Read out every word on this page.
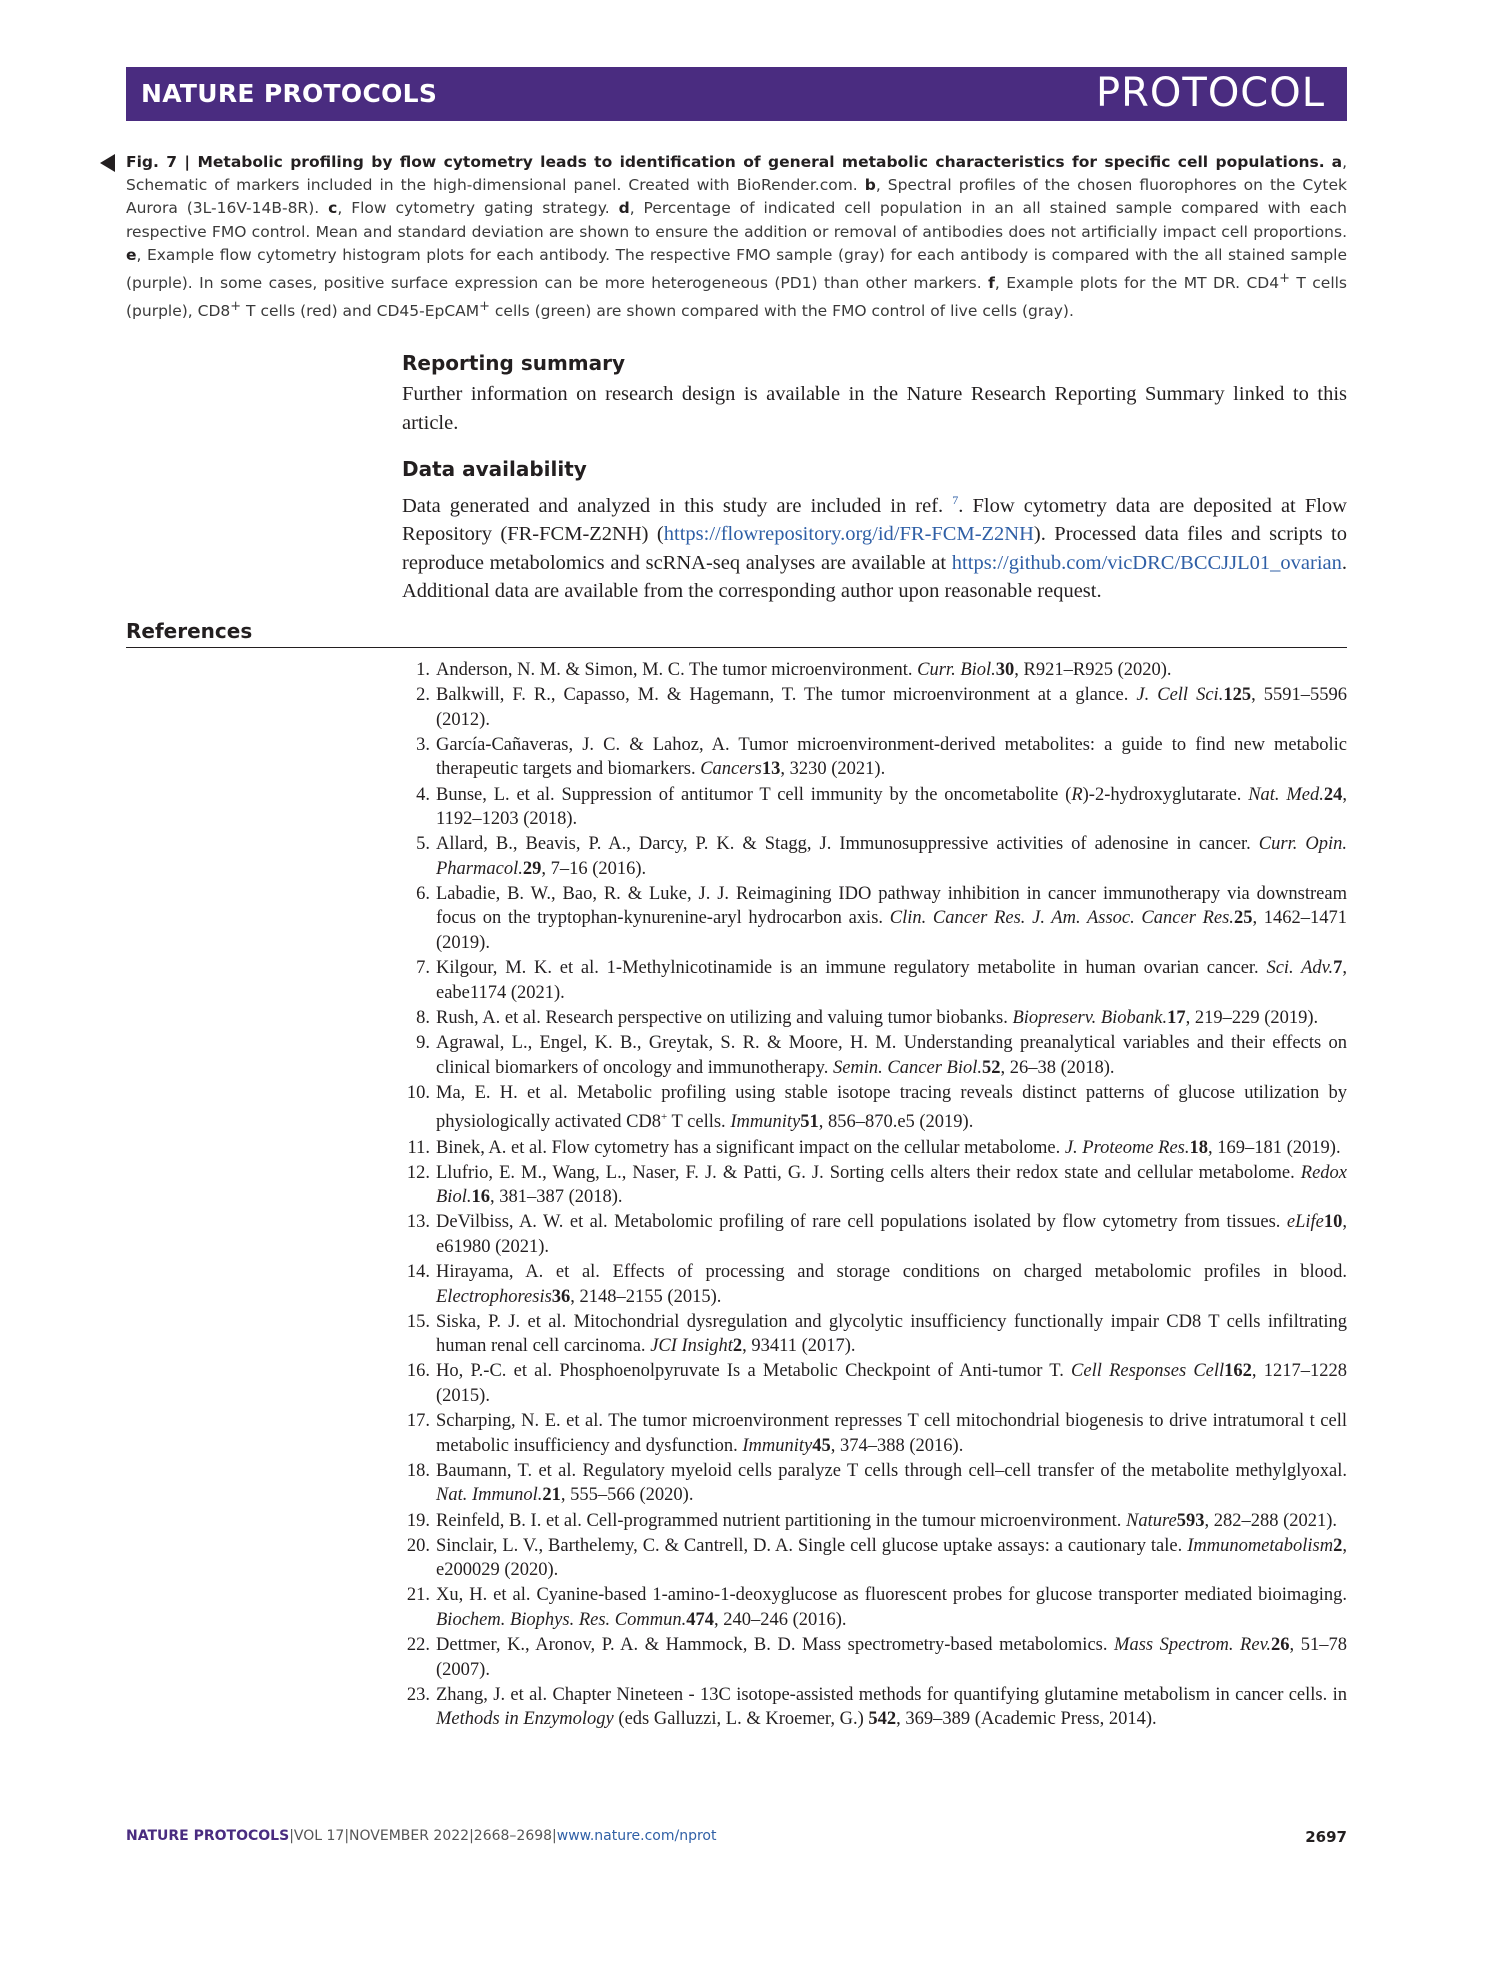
NATURE PROTOCOLS	PROTOCOL
Fig. 7 | Metabolic profiling by flow cytometry leads to identification of general metabolic characteristics for specific cell populations. a, Schematic of markers included in the high-dimensional panel. Created with BioRender.com. b, Spectral profiles of the chosen fluorophores on the Cytek Aurora (3L-16V-14B-8R). c, Flow cytometry gating strategy. d, Percentage of indicated cell population in an all stained sample compared with each respective FMO control. Mean and standard deviation are shown to ensure the addition or removal of antibodies does not artificially impact cell proportions. e, Example flow cytometry histogram plots for each antibody. The respective FMO sample (gray) for each antibody is compared with the all stained sample (purple). In some cases, positive surface expression can be more heterogeneous (PD1) than other markers. f, Example plots for the MT DR. CD4+ T cells (purple), CD8+ T cells (red) and CD45-EpCAM+ cells (green) are shown compared with the FMO control of live cells (gray).
Reporting summary

Further information on research design is available in the Nature Research Reporting Summary linked to this article.

Data availability

Data generated and analyzed in this study are included in ref. $^7$. Flow cytometry data are deposited at Flow Repository (FR-FCM-Z2NH) (https://flowrepository.org/id/FR-FCM-Z2NH). Processed data files and scripts to reproduce metabolomics and scRNA-seq analyses are available at https://github.com/vicDRC/BCCJJL01_ovarian. Additional data are available from the corresponding author upon reasonable request.

References
1. Anderson, N. M. & Simon, M. C. The tumor microenvironment. Curr. Biol.30, R921–R925 (2020).
2. Balkwill, F. R., Capasso, M. & Hagemann, T. The tumor microenvironment at a glance. J. Cell Sci.125, 5591–5596 (2012).
3. García-Cañaveras, J. C. & Lahoz, A. Tumor microenvironment-derived metabolites: a guide to find new metabolic therapeutic targets and biomarkers. Cancers13, 3230 (2021).
4. Bunse, L. et al. Suppression of antitumor T cell immunity by the oncometabolite (R)-2-hydroxyglutarate. Nat. Med.24, 1192–1203 (2018).
5. Allard, B., Beavis, P. A., Darcy, P. K. & Stagg, J. Immunosuppressive activities of adenosine in cancer. Curr. Opin. Pharmacol.29, 7–16 (2016).
6. Labadie, B. W., Bao, R. & Luke, J. J. Reimagining IDO pathway inhibition in cancer immunotherapy via downstream focus on the tryptophan-kynurenine-aryl hydrocarbon axis. Clin. Cancer Res. J. Am. Assoc. Cancer Res.25, 1462–1471 (2019).
7. Kilgour, M. K. et al. 1-Methylnicotinamide is an immune regulatory metabolite in human ovarian cancer. Sci. Adv.7, eabe1174 (2021).
8. Rush, A. et al. Research perspective on utilizing and valuing tumor biobanks. Biopreserv. Biobank.17, 219–229 (2019).
9. Agrawal, L., Engel, K. B., Greytak, S. R. & Moore, H. M. Understanding preanalytical variables and their effects on clinical biomarkers of oncology and immunotherapy. Semin. Cancer Biol.52, 26–38 (2018).
10. Ma, E. H. et al. Metabolic profiling using stable isotope tracing reveals distinct patterns of glucose utilization by physiologically activated CD8+ T cells. Immunity51, 856–870.e5 (2019).
11. Binek, A. et al. Flow cytometry has a significant impact on the cellular metabolome. J. Proteome Res.18, 169–181 (2019).
12. Llufrio, E. M., Wang, L., Naser, F. J. & Patti, G. J. Sorting cells alters their redox state and cellular metabolome. Redox Biol.16, 381–387 (2018).
13. DeVilbiss, A. W. et al. Metabolomic profiling of rare cell populations isolated by flow cytometry from tissues. eLife10, e61980 (2021).
14. Hirayama, A. et al. Effects of processing and storage conditions on charged metabolomic profiles in blood. Electrophoresis36, 2148–2155 (2015).
15. Siska, P. J. et al. Mitochondrial dysregulation and glycolytic insufficiency functionally impair CD8 T cells infiltrating human renal cell carcinoma. JCI Insight2, 93411 (2017).
16. Ho, P.-C. et al. Phosphoenolpyruvate Is a Metabolic Checkpoint of Anti-tumor T. Cell Responses Cell162, 1217–1228 (2015).
17. Scharping, N. E. et al. The tumor microenvironment represses T cell mitochondrial biogenesis to drive intratumoral t cell metabolic insufficiency and dysfunction. Immunity45, 374–388 (2016).
18. Baumann, T. et al. Regulatory myeloid cells paralyze T cells through cell–cell transfer of the metabolite methylglyoxal. Nat. Immunol.21, 555–566 (2020).
19. Reinfeld, B. I. et al. Cell-programmed nutrient partitioning in the tumour microenvironment. Nature593, 282–288 (2021).
20. Sinclair, L. V., Barthelemy, C. & Cantrell, D. A. Single cell glucose uptake assays: a cautionary tale. Immunometabolism2, e200029 (2020).
21. Xu, H. et al. Cyanine-based 1-amino-1-deoxyglucose as fluorescent probes for glucose transporter mediated bioimaging. Biochem. Biophys. Res. Commun.474, 240–246 (2016).
22. Dettmer, K., Aronov, P. A. & Hammock, B. D. Mass spectrometry-based metabolomics. Mass Spectrom. Rev.26, 51–78 (2007).
23. Zhang, J. et al. Chapter Nineteen - 13C isotope-assisted methods for quantifying glutamine metabolism in cancer cells. in Methods in Enzymology (eds Galluzzi, L. & Kroemer, G.) 542, 369–389 (Academic Press, 2014).
NATURE PROTOCOLS|VOL 17|NOVEMBER 2022|2668–2698|www.nature.com/nprot	2697
